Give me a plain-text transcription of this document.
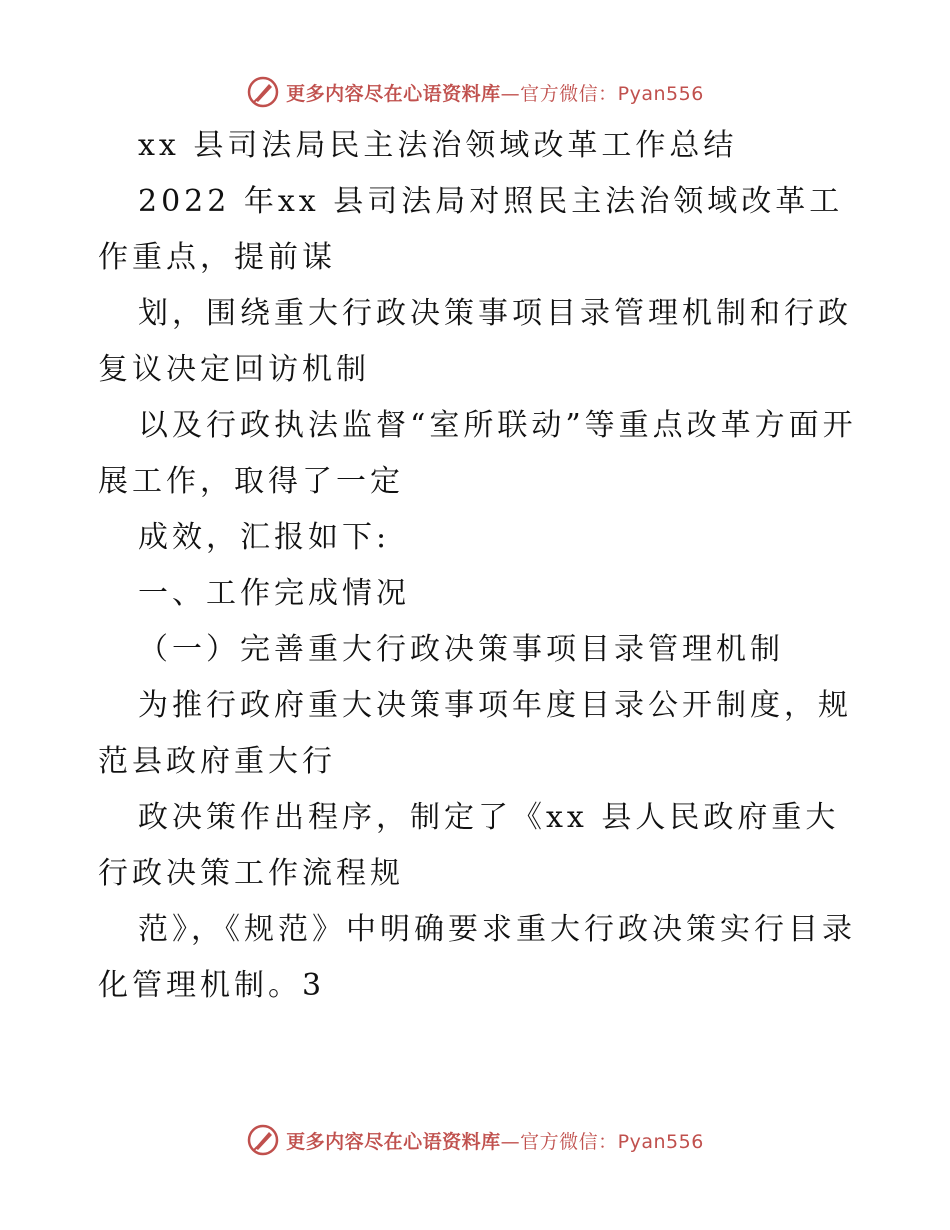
更多内容尽在心语资料库—官方微信：Pyan556

xx 县司法局民主法治领域改革工作总结

2022 年xx 县司法局对照民主法治领域改革工作重点，提前谋

划，围绕重大行政决策事项目录管理机制和行政复议决定回访机制

以及行政执法监督“室所联动”等重点改革方面开展工作，取得了一定

成效，汇报如下:

一、工作完成情况

（一）完善重大行政决策事项目录管理机制

为推行政府重大决策事项年度目录公开制度，规范县政府重大行

政决策作出程序，制定了《xx 县人民政府重大行政决策工作流程规

范》，《规范》中明确要求重大行政决策实行目录化管理机制。3

更多内容尽在心语资料库—官方微信：Pyan556
